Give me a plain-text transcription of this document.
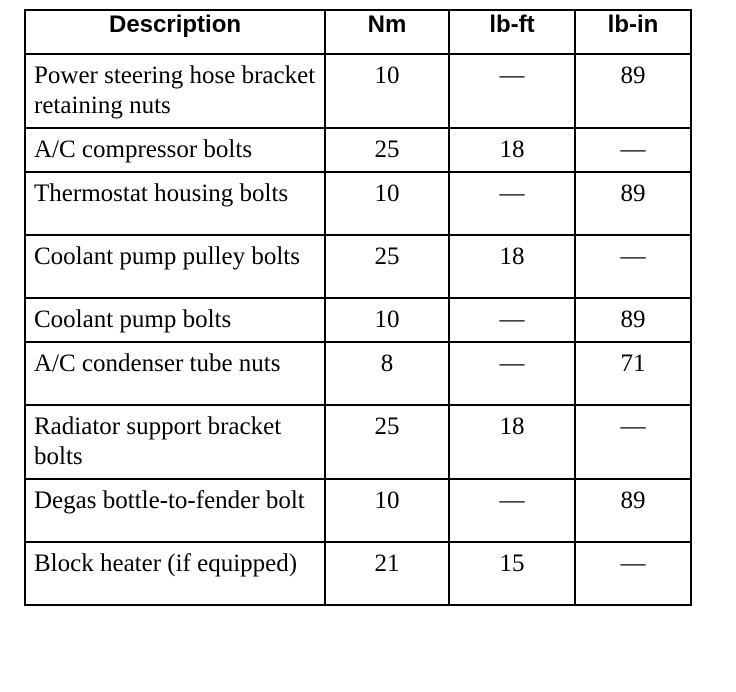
Description	Nm	lb-ft	lb-in
Power steering hose bracket retaining nuts	10	—	89
A/C compressor bolts	25	18	—
Thermostat housing bolts	10	—	89
Coolant pump pulley bolts	25	18	—
Coolant pump bolts	10	—	89
A/C condenser tube nuts	8	—	71
Radiator support bracket bolts	25	18	—
Degas bottle-to-fender bolt	10	—	89
Block heater (if equipped)	21	15	—
